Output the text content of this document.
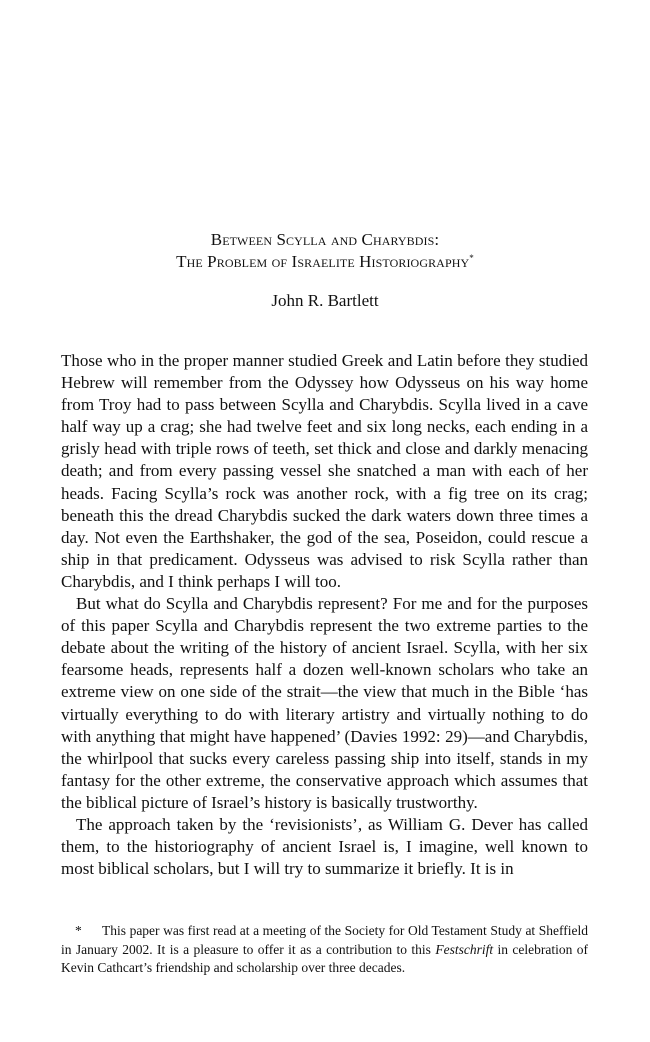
Between Scylla and Charybdis:
The Problem of Israelite Historiography*
John R. Bartlett

Those who in the proper manner studied Greek and Latin before they studied Hebrew will remember from the Odyssey how Odysseus on his way home from Troy had to pass between Scylla and Charybdis. Scylla lived in a cave half way up a crag; she had twelve feet and six long necks, each ending in a grisly head with triple rows of teeth, set thick and close and darkly menacing death; and from every passing vessel she snatched a man with each of her heads. Facing Scylla’s rock was another rock, with a fig tree on its crag; beneath this the dread Charybdis sucked the dark waters down three times a day. Not even the Earthshaker, the god of the sea, Poseidon, could rescue a ship in that predicament. Odysseus was advised to risk Scylla rather than Charybdis, and I think perhaps I will too.

But what do Scylla and Charybdis represent? For me and for the purposes of this paper Scylla and Charybdis represent the two extreme parties to the debate about the writing of the history of ancient Israel. Scylla, with her six fearsome heads, represents half a dozen well-known scholars who take an extreme view on one side of the strait—the view that much in the Bible ‘has virtually everything to do with literary artistry and virtually nothing to do with anything that might have happened’ (Davies 1992: 29)—and Charybdis, the whirlpool that sucks every careless passing ship into itself, stands in my fantasy for the other extreme, the conservative approach which assumes that the biblical picture of Israel’s history is basically trustworthy.

The approach taken by the ‘revisionists’, as William G. Dever has called them, to the historiography of ancient Israel is, I imagine, well known to most biblical scholars, but I will try to summarize it briefly. It is in

* This paper was first read at a meeting of the Society for Old Testament Study at Sheffield in January 2002. It is a pleasure to offer it as a contribution to this Festschrift in celebration of Kevin Cathcart’s friendship and scholarship over three decades.
